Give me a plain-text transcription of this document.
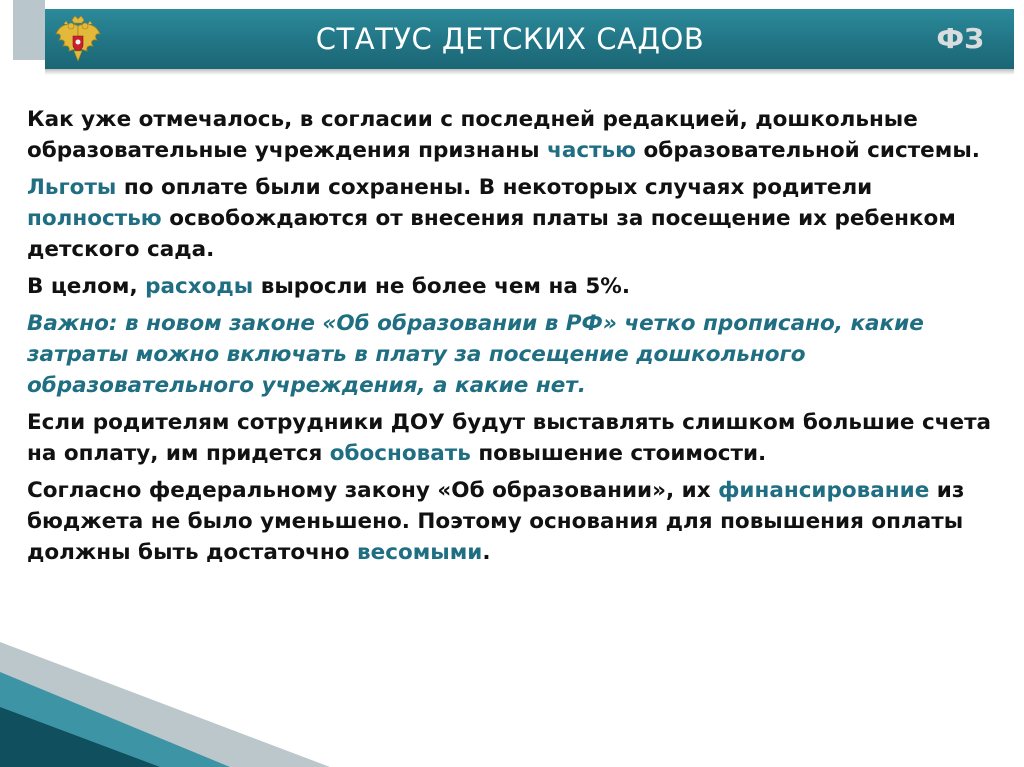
СТАТУС ДЕТСКИХ САДОВ	ФЗ

Как уже отмечалось, в согласии с последней редакцией, дошкольные образовательные учреждения признаны частью образовательной системы.

Льготы по оплате были сохранены. В некоторых случаях родители полностью освобождаются от внесения платы за посещение их ребенком детского сада.

В целом, расходы выросли не более чем на 5%.

Важно: в новом законе «Об образовании в РФ» четко прописано, какие затраты можно включать в плату за посещение дошкольного образовательного учреждения, а какие нет.

Если родителям сотрудники ДОУ будут выставлять слишком большие счета на оплату, им придется обосновать повышение стоимости.

Согласно федеральному закону «Об образовании», их финансирование из бюджета не было уменьшено. Поэтому основания для повышения оплаты должны быть достаточно весомыми.
